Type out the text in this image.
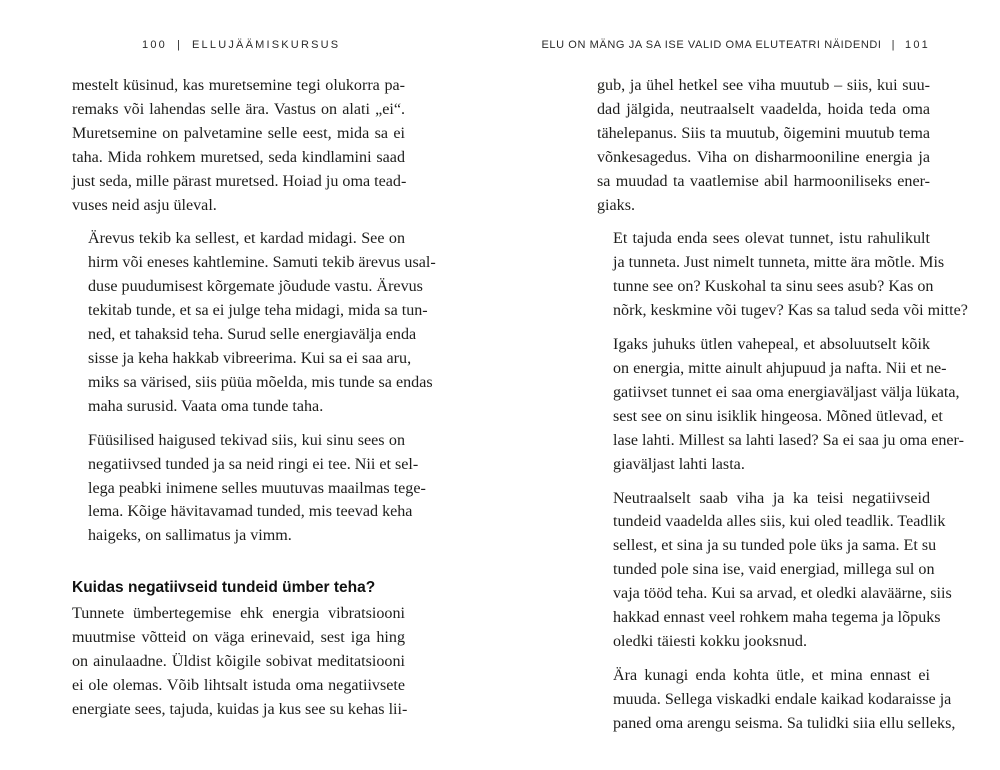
100 | ELLUJÄÄMISKURSUS

mestelt küsinud, kas muretsemine tegi olukorra pa-
remaks või lahendas selle ära. Vastus on alati „ei“.
Muretsemine on palvetamine selle eest, mida sa ei
taha. Mida rohkem muretsed, seda kindlamini saad
just seda, mille pärast muretsed. Hoiad ju oma tead-
vuses neid asju üleval.

Ärevus tekib ka sellest, et kardad midagi. See on
hirm või eneses kahtlemine. Samuti tekib ärevus usal-
duse puudumisest kõrgemate jõudude vastu. Ärevus
tekitab tunde, et sa ei julge teha midagi, mida sa tun-
ned, et tahaksid teha. Surud selle energiavälja enda
sisse ja keha hakkab vibreerima. Kui sa ei saa aru,
miks sa värised, siis püüa mõelda, mis tunde sa endas
maha surusid. Vaata oma tunde taha.

Füüsilised haigused tekivad siis, kui sinu sees on
negatiivsed tunded ja sa neid ringi ei tee. Nii et sel-
lega peabki inimene selles muutuvas maailmas tege-
lema. Kõige hävitavamad tunded, mis teevad keha
haigeks, on sallimatus ja vimm.

Kuidas negatiivseid tundeid ümber teha?

Tunnete ümbertegemise ehk energia vibratsiooni
muutmise võtteid on väga erinevaid, sest iga hing
on ainulaadne. Üldist kõigile sobivat meditatsiooni
ei ole olemas. Võib lihtsalt istuda oma negatiivsete
energiate sees, tajuda, kuidas ja kus see su kehas lii-

ELU ON MÄNG JA SA ISE VALID OMA ELUTEATRI NÄIDENDI | 101

gub, ja ühel hetkel see viha muutub – siis, kui suu-
dad jälgida, neutraalselt vaadelda, hoida teda oma
tähelepanus. Siis ta muutub, õigemini muutub tema
võnkesagedus. Viha on disharmooniline energia ja
sa muudad ta vaatlemise abil harmooniliseks ener-
giaks.

Et tajuda enda sees olevat tunnet, istu rahulikult
ja tunneta. Just nimelt tunneta, mitte ära mõtle. Mis
tunne see on? Kuskohal ta sinu sees asub? Kas on
nõrk, keskmine või tugev? Kas sa talud seda või mitte?

Igaks juhuks ütlen vahepeal, et absoluutselt kõik
on energia, mitte ainult ahjupuud ja nafta. Nii et ne-
gatiivset tunnet ei saa oma energiaväljast välja lükata,
sest see on sinu isiklik hingeosa. Mõned ütlevad, et
lase lahti. Millest sa lahti lased? Sa ei saa ju oma ener-
giaväljast lahti lasta.

Neutraalselt saab viha ja ka teisi negatiivseid
tundeid vaadelda alles siis, kui oled teadlik. Teadlik
sellest, et sina ja su tunded pole üks ja sama. Et su
tunded pole sina ise, vaid energiad, millega sul on
vaja tööd teha. Kui sa arvad, et oledki alaväärne, siis
hakkad ennast veel rohkem maha tegema ja lõpuks
oledki täiesti kokku jooksnud.

Ära kunagi enda kohta ütle, et mina ennast ei
muuda. Sellega viskadki endale kaikad kodaraisse ja
paned oma arengu seisma. Sa tulidki siia ellu selleks,
